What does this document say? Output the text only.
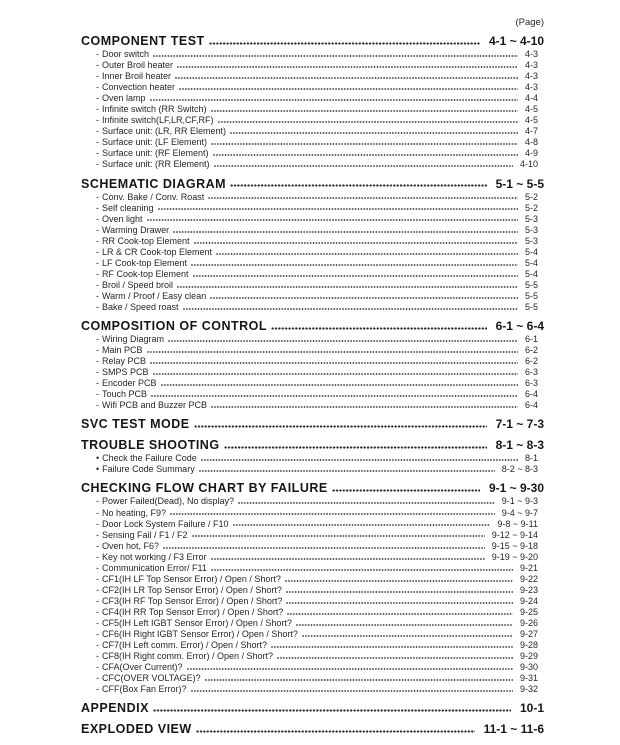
(Page)
COMPONENT TEST	4-1 ~ 4-10
- Door switch	4-3
- Outer Broil heater	4-3
- Inner Broil heater	4-3
- Convection heater	4-3
- Oven lamp	4-4
- Infinite switch (RR Switch)	4-5
- Infinite switch(LF,LR,CF,RF)	4-5
- Surface unit: (LR, RR Element)	4-7
- Surface unit: (LF Element)	4-8
- Surface unit: (RF Element)	4-9
- Surface unit: (RR Element)	4-10
SCHEMATIC DIAGRAM	5-1 ~ 5-5
- Conv. Bake / Conv. Roast	5-2
- Self cleaning	5-2
- Oven light	5-3
- Warming Drawer	5-3
- RR Cook-top Element	5-3
- LR & CR Cook-top Element	5-4
- LF Cook-top Element	5-4
- RF Cook-top Element	5-4
- Broil / Speed broil	5-5
- Warm / Proof / Easy clean	5-5
- Bake / Speed roast	5-5
COMPOSITION OF CONTROL	6-1 ~ 6-4
- Wiring Diagram	6-1
- Main PCB	6-2
- Relay PCB	6-2
- SMPS PCB	6-3
- Encoder PCB	6-3
- Touch PCB	6-4
- Wifi PCB and Buzzer PCB	6-4
SVC TEST MODE	7-1 ~ 7-3
TROUBLE SHOOTING	8-1 ~ 8-3
• Check the Failure Code	8-1
• Failure Code Summary	8-2 ~ 8-3
CHECKING FLOW CHART BY FAILURE	9-1 ~ 9-30
- Power Failed(Dead), No display?	9-1 ~ 9-3
- No heating, F9?	9-4 ~ 9-7
- Door Lock System Failure / F10	9-8 ~ 9-11
- Sensing Fail / F1 / F2	9-12 ~ 9-14
- Oven hot, F6?	9-15 ~ 9-18
- Key not working / F3 Error	9-19 ~ 9-20
- Communication Error/ F11	9-21
- CF1(IH LF Top Sensor Error) / Open / Short?	9-22
- CF2(IH LR Top Sensor Error) / Open / Short?	9-23
- CF3(IH RF Top Sensor Error) / Open / Short?	9-24
- CF4(IH RR Top Sensor Error) / Open / Short?	9-25
- CF5(IH Left IGBT Sensor Error) / Open / Short?	9-26
- CF6(IH Right IGBT Sensor Error) / Open / Short?	9-27
- CF7(IH Left comm. Error) / Open / Short?	9-28
- CF8(IH Right comm. Error) / Open / Short?	9-29
- CFA(Over Current)?	9-30
- CFC(OVER VOLTAGE)?	9-31
- CFF(Box Fan Error)?	9-32
APPENDIX	10-1
EXPLODED VIEW	11-1 ~ 11-6
